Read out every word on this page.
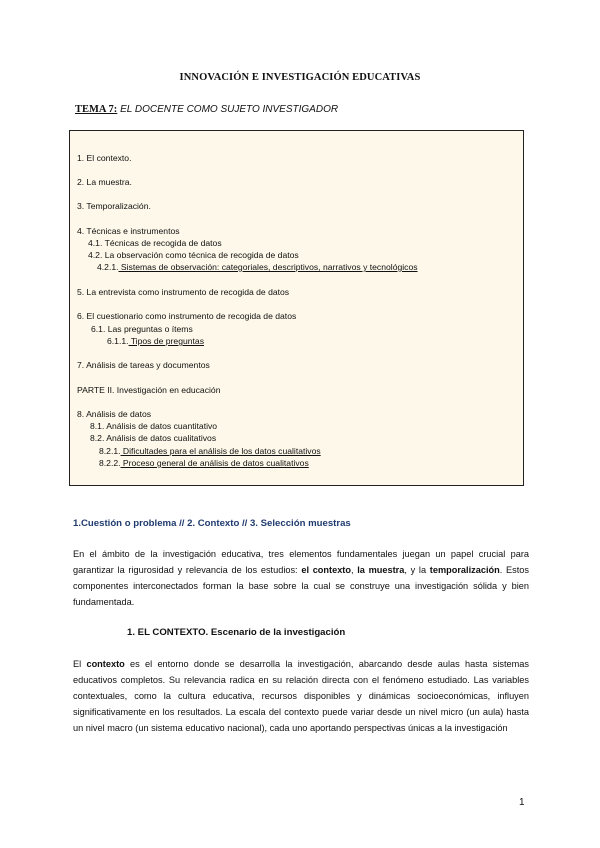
INNOVACIÓN E INVESTIGACIÓN EDUCATIVAS
TEMA 7: EL DOCENTE COMO SUJETO INVESTIGADOR
1. El contexto.
2. La muestra.
3. Temporalización.
4. Técnicas e instrumentos
4.1. Técnicas de recogida de datos
4.2. La observación como técnica de recogida de datos
4.2.1. Sistemas de observación: categoriales, descriptivos, narrativos y tecnológicos
5. La entrevista como instrumento de recogida de datos
6. El cuestionario como instrumento de recogida de datos
6.1. Las preguntas o ítems
6.1.1. Tipos de preguntas
7. Análisis de tareas y documentos
PARTE II. Investigación en educación
8. Análisis de datos
8.1. Análisis de datos cuantitativo
8.2. Análisis de datos cualitativos
8.2.1. Dificultades para el análisis de los datos cualitativos
8.2.2. Proceso general de análisis de datos cualitativos
1.Cuestión o problema // 2. Contexto // 3. Selección muestras
En el ámbito de la investigación educativa, tres elementos fundamentales juegan un papel crucial para garantizar la rigurosidad y relevancia de los estudios: el contexto, la muestra, y la temporalización. Estos componentes interconectados forman la base sobre la cual se construye una investigación sólida y bien fundamentada.
1. EL CONTEXTO. Escenario de la investigación
El contexto es el entorno donde se desarrolla la investigación, abarcando desde aulas hasta sistemas educativos completos. Su relevancia radica en su relación directa con el fenómeno estudiado. Las variables contextuales, como la cultura educativa, recursos disponibles y dinámicas socioeconómicas, influyen significativamente en los resultados. La escala del contexto puede variar desde un nivel micro (un aula) hasta un nivel macro (un sistema educativo nacional), cada uno aportando perspectivas únicas a la investigación
1
